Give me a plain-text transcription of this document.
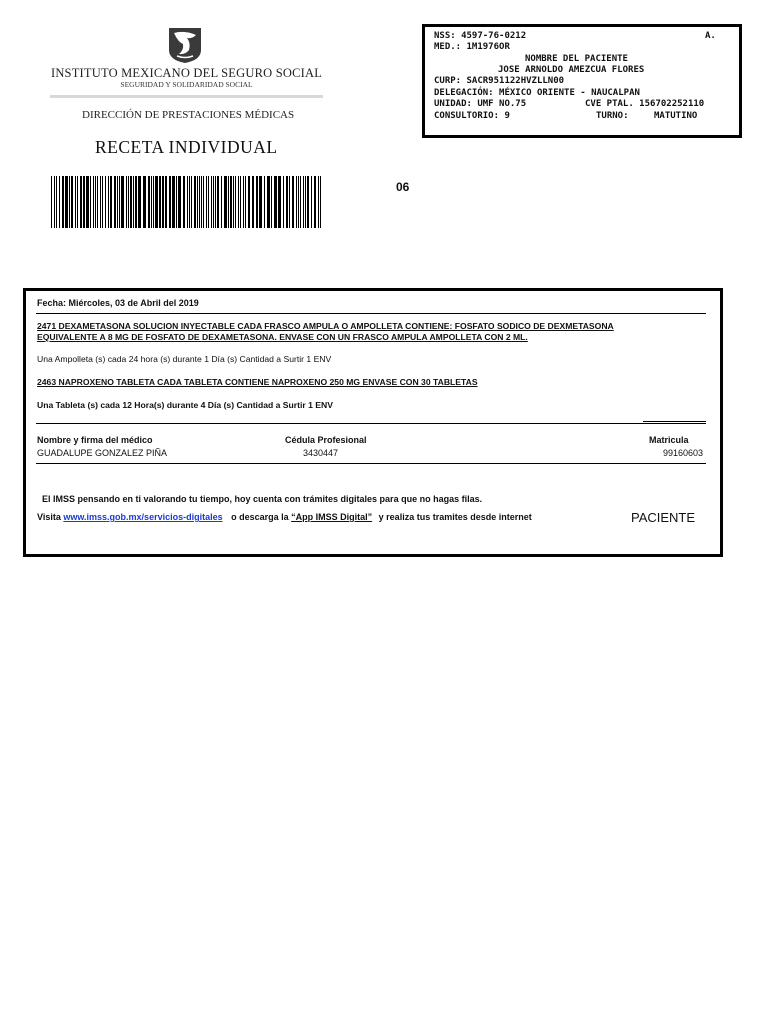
INSTITUTO MEXICANO DEL SEGURO SOCIAL
SEGURIDAD Y SOLIDARIDAD SOCIAL
DIRECCIÓN DE PRESTACIONES MÉDICAS
RECETA INDIVIDUAL
06
NSS: 4597-76-0212	A.
MED.: 1M1976OR
NOMBRE DEL PACIENTE
JOSE ARNOLDO AMEZCUA FLORES
CURP: SACR951122HVZLLN00
DELEGACIÓN: MÉXICO ORIENTE - NAUCALPAN
UNIDAD: UMF NO.75	CVE PTAL. 156702252110
CONSULTORIO: 9	TURNO:	MATUTINO
Fecha: Miércoles, 03 de Abril del 2019
2471 DEXAMETASONA SOLUCION INYECTABLE CADA FRASCO AMPULA O AMPOLLETA CONTIENE: FOSFATO SODICO DE DEXMETASONA
EQUIVALENTE A 8 MG DE FOSFATO DE DEXAMETASONA. ENVASE CON UN FRASCO AMPULA AMPOLLETA CON 2 ML.
Una Ampolleta (s) cada 24 hora (s) durante 1 Día (s) Cantidad a Surtir 1 ENV
2463 NAPROXENO TABLETA CADA TABLETA CONTIENE NAPROXENO 250 MG ENVASE CON 30 TABLETAS
Una Tableta (s) cada 12 Hora(s) durante 4 Día (s) Cantidad a Surtir 1 ENV
Nombre y firma del médico
GUADALUPE GONZALEZ PIÑA
Cédula Profesional
3430447
Matricula
99160603
El IMSS pensando en ti valorando tu tiempo, hoy cuenta con trámites digitales para que no hagas filas.
Visita www.imss.gob.mx/servicios-digitales o descarga la “App IMSS Digital” y realiza tus tramites desde internet	PACIENTE
